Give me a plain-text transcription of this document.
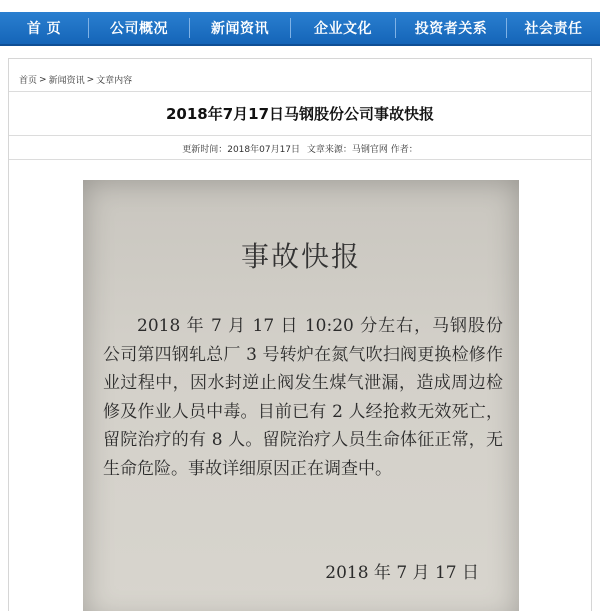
首 页	公司概况	新闻资讯	企业文化	投资者关系	社会责任
首页 > 新闻资讯 > 文章内容
2018年7月17日马钢股份公司事故快报
更新时间：2018年07月17日 文章来源：马钢官网 作者：
事故快报

2018 年 7 月 17 日 10:20 分左右，马钢股份公司第四钢轧总厂 3 号转炉在氮气吹扫阀更换检修作业过程中，因水封逆止阀发生煤气泄漏，造成周边检修及作业人员中毒。目前已有 2 人经抢救无效死亡，留院治疗的有 8 人。留院治疗人员生命体征正常，无生命危险。事故详细原因正在调查中。

2018 年 7 月 17 日
